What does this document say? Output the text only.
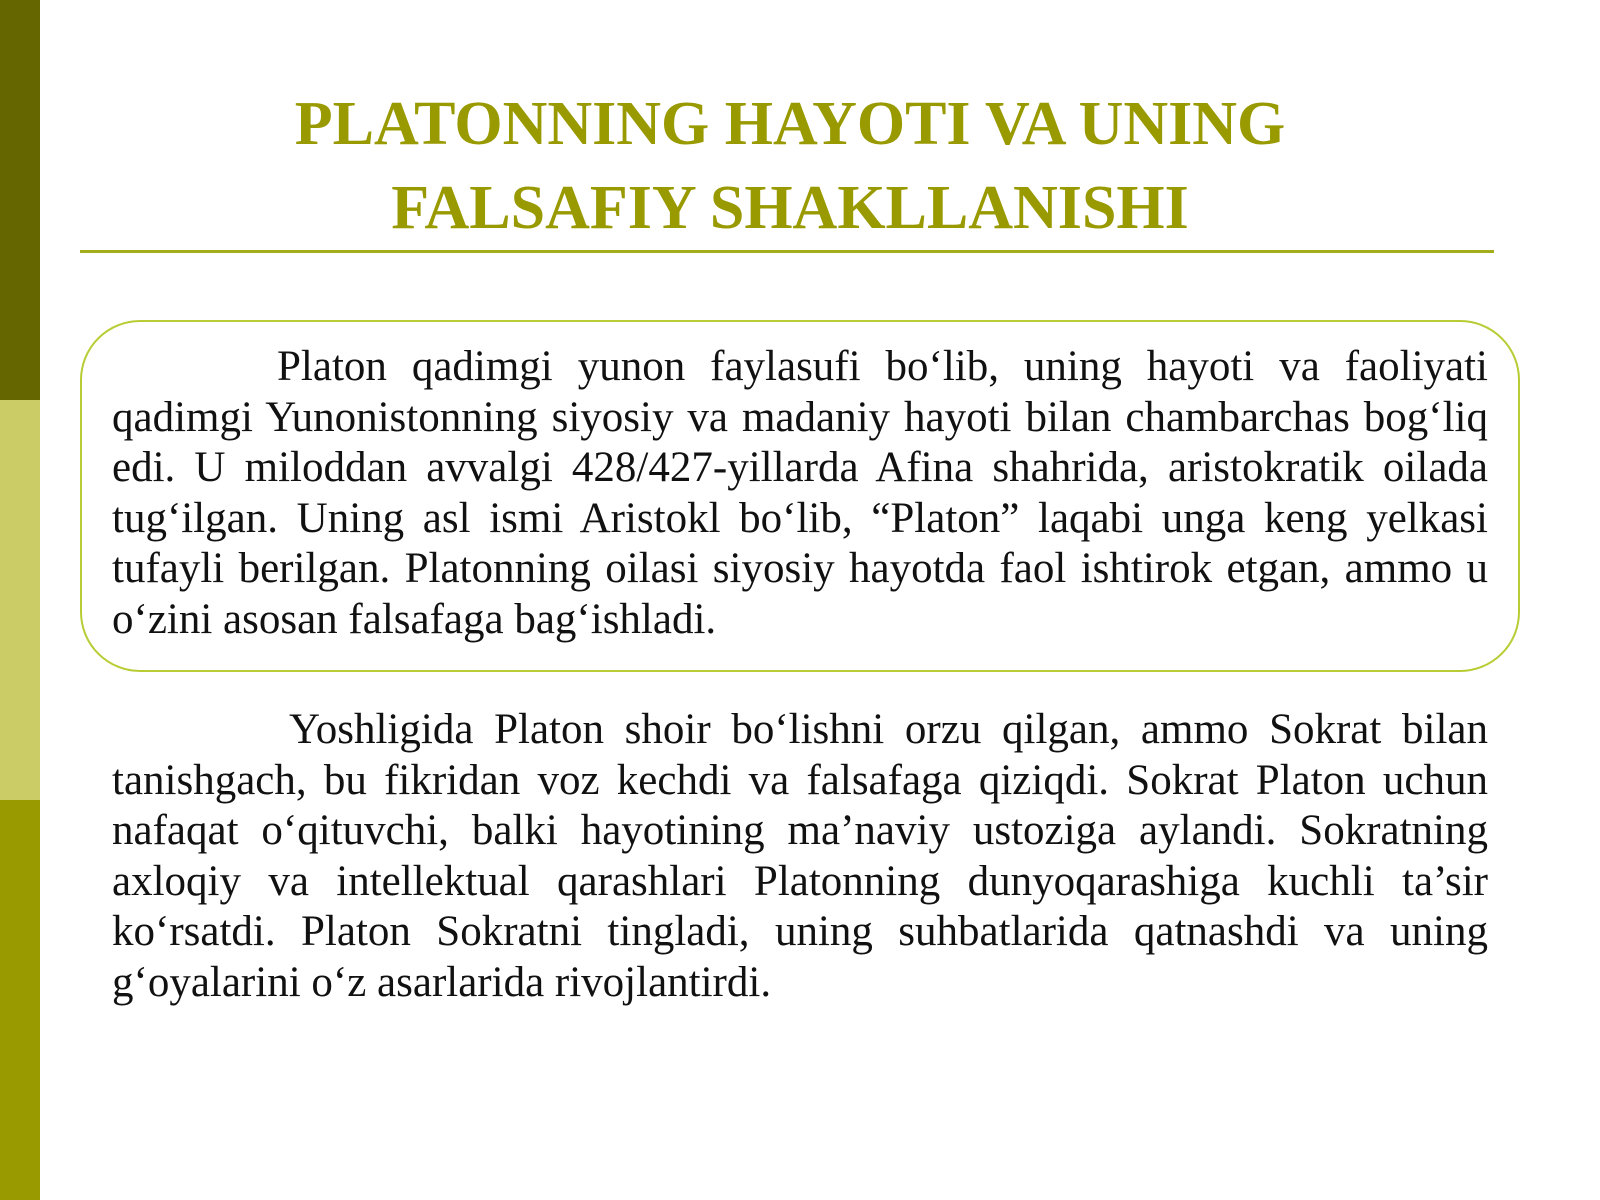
PLATONNING HAYOTI VA UNING
FALSAFIY SHAKLLANISHI

Platon qadimgi yunon faylasufi bo‘lib, uning hayoti va faoliyati qadimgi Yunonistonning siyosiy va madaniy hayoti bilan chambarchas bog‘liq edi. U miloddan avvalgi 428/427-yillarda Afina shahrida, aristokratik oilada tug‘ilgan. Uning asl ismi Aristokl bo‘lib, “Platon” laqabi unga keng yelkasi tufayli berilgan. Platonning oilasi siyosiy hayotda faol ishtirok etgan, ammo u o‘zini asosan falsafaga bag‘ishladi.

Yoshligida Platon shoir bo‘lishni orzu qilgan, ammo Sokrat bilan tanishgach, bu fikridan voz kechdi va falsafaga qiziqdi. Sokrat Platon uchun nafaqat o‘qituvchi, balki hayotining ma’naviy ustoziga aylandi. Sokratning axloqiy va intellektual qarashlari Platonning dunyoqarashiga kuchli ta’sir ko‘rsatdi. Platon Sokratni tingladi, uning suhbatlarida qatnashdi va uning g‘oyalarini o‘z asarlarida rivojlantirdi.
